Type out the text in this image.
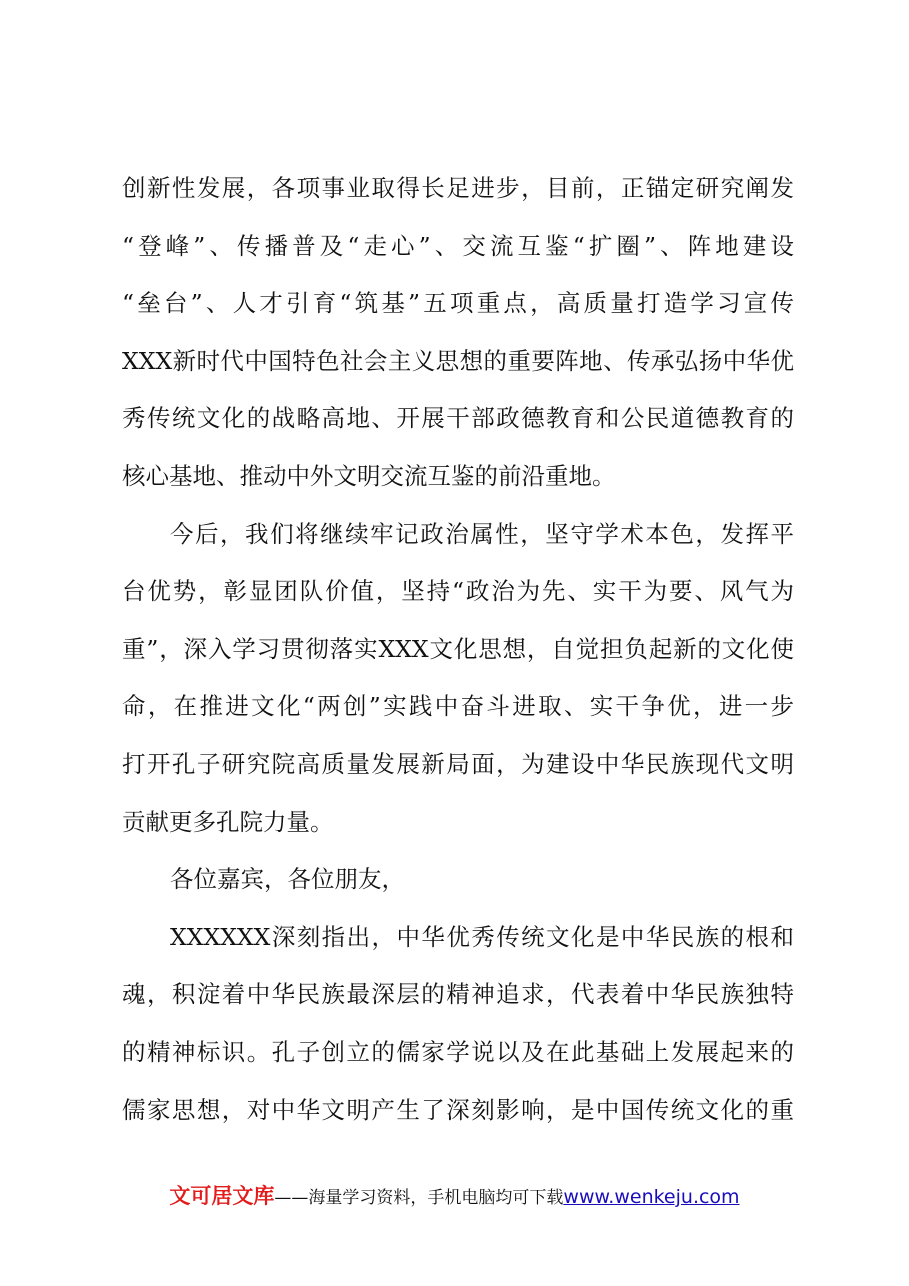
创新性发展，各项事业取得长足进步，目前，正锚定研究阐发
“登峰”、传播普及“走心”、交流互鉴“扩圈”、阵地建设
“垒台”、人才引育“筑基”五项重点，高质量打造学习宣传
XXX新时代中国特色社会主义思想的重要阵地、传承弘扬中华优
秀传统文化的战略高地、开展干部政德教育和公民道德教育的
核心基地、推动中外文明交流互鉴的前沿重地。
今后，我们将继续牢记政治属性，坚守学术本色，发挥平
台优势，彰显团队价值，坚持“政治为先、实干为要、风气为
重”，深入学习贯彻落实XXX文化思想，自觉担负起新的文化使
命，在推进文化“两创”实践中奋斗进取、实干争优，进一步
打开孔子研究院高质量发展新局面，为建设中华民族现代文明
贡献更多孔院力量。
各位嘉宾，各位朋友，
XXXXXX深刻指出，中华优秀传统文化是中华民族的根和
魂，积淀着中华民族最深层的精神追求，代表着中华民族独特
的精神标识。孔子创立的儒家学说以及在此基础上发展起来的
儒家思想，对中华文明产生了深刻影响，是中国传统文化的重
文可居文库——海量学习资料，手机电脑均可下载www.wenkeju.com
